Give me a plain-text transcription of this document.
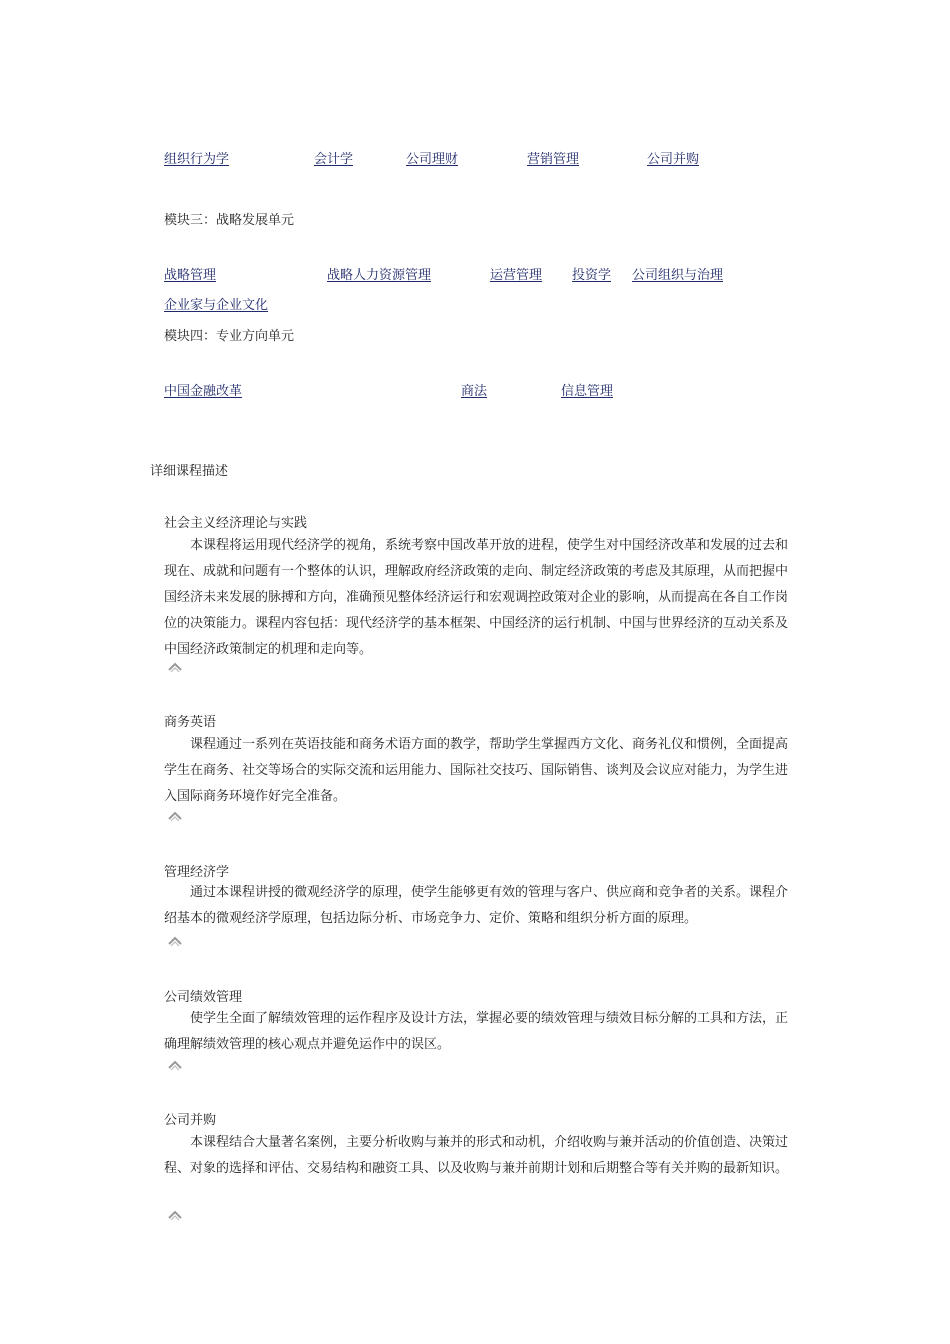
组织行为学	会计学	公司理财	营销管理	公司并购
模块三：战略发展单元
战略管理	战略人力资源管理	运营管理 投资学 公司组织与治理
企业家与企业文化
模块四：专业方向单元
中国金融改革	商法	信息管理
详细课程描述
社会主义经济理论与实践
本课程将运用现代经济学的视角，系统考察中国改革开放的进程，使学生对中国经济改革和发展的过去和现在、成就和问题有一个整体的认识，理解政府经济政策的走向、制定经济政策的考虑及其原理，从而把握中国经济未来发展的脉搏和方向，准确预见整体经济运行和宏观调控政策对企业的影响，从而提高在各自工作岗位的决策能力。课程内容包括：现代经济学的基本框架、中国经济的运行机制、中国与世界经济的互动关系及中国经济政策制定的机理和走向等。
商务英语
课程通过一系列在英语技能和商务术语方面的教学，帮助学生掌握西方文化、商务礼仪和惯例，全面提高学生在商务、社交等场合的实际交流和运用能力、国际社交技巧、国际销售、谈判及会议应对能力，为学生进入国际商务环境作好完全准备。
管理经济学
通过本课程讲授的微观经济学的原理，使学生能够更有效的管理与客户、供应商和竞争者的关系。课程介绍基本的微观经济学原理，包括边际分析、市场竞争力、定价、策略和组织分析方面的原理。
公司绩效管理
使学生全面了解绩效管理的运作程序及设计方法，掌握必要的绩效管理与绩效目标分解的工具和方法，正确理解绩效管理的核心观点并避免运作中的误区。
公司并购
本课程结合大量著名案例，主要分析收购与兼并的形式和动机，介绍收购与兼并活动的价值创造、决策过程、对象的选择和评估、交易结构和融资工具、以及收购与兼并前期计划和后期整合等有关并购的最新知识。
